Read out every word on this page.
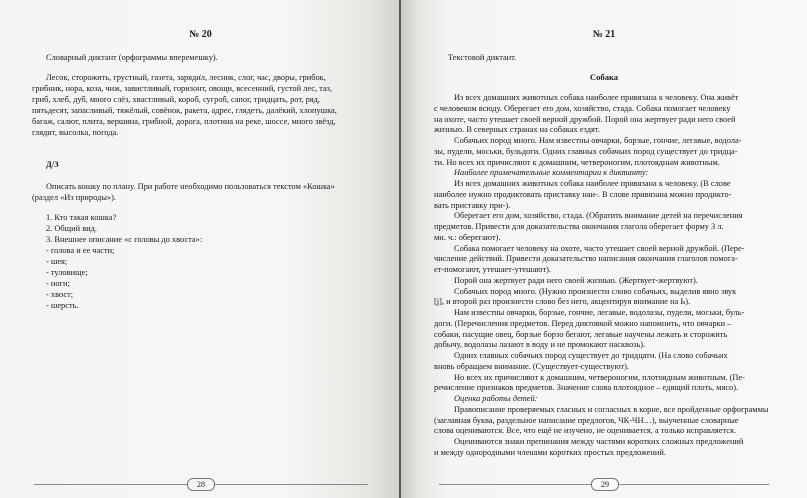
№ 20
Словарный диктант (орфограммы вперемешку).
Лесок, сторожить, грустный, газета, заряди̇л, лесник, слог, час, дворы, грибок,
грибник, нора, коза, чиж, завистливый, горизонт, овощи, всесенний, густой лес, таз,
гриб, хлеб, дуб, много слёз, хвастливый, короб, сугроб, сапог, тридцать, рот, ряд,
пятьдесят, запасливый, тяжёлый, совёнок, ракета, адрес, глядеть, далёкий, хлопушка,
багаж, салют, плита, вершина, грибной, дорога, плотина на реке, шоссе, много звёзд,
глядит, высолка, погода.
Д/З
Описать кошку по плану. При работе необходимо пользоваться текстом «Кошка»
(раздел «Из природы»).
1. Кто такая кошка?
2. Общий вид.
3. Внешнее описание «с головы до хвоста»:
- голова и ее части;
- шея;
- туловище;
- ноги;
- хвост;
- шерсть.
28
№ 21
Текстовой диктант.
Собака
Из всех домашних животных собака наиболее привязана к человеку. Она живёт
с человеком всюду. Оберегает его дом, хозяйство, стада. Собака помогает человеку
на охоте, часто утешает своей верной дружбой. Порой она жертвует ради него своей
жизнью. В северных странах на собаках ездят.
Собачьих пород много. Нам известны овчарки, борзые, гончие, легавые, водола-
зы, пудели, моськи, бульдоги. Одних главных собачьих пород существует до тридца-
ти. Но всех их причисляют к домашним, четвероногим, плотоядным животным.
Наиболее примечательные комментарии к диктанту:
Из всех домашних животных собака наиболее привязана к человеку. (В слове
наиболее нужно продиктовать приставку наи-. В слове привязана можно продикто-
вать приставку при-).
Оберегает его дом, хозяйство, стада. (Обратить внимание детей на перечисления
предметов. Привести для доказательства окончания глагола оберегает форму 3 л.
мн. ч.: оберегают).
Собака помогает человеку на охоте, часто утешает своей верной дружбой. (Пере-
числение действий. Привести доказательство написания окончания глаголов помога-
ет-помогают, утешает-утешают).
Порой она жертвует ради него своей жизнью. (Жертвует-жертвуют).
Собачьих пород много. (Нужно произнести слово собачьих, выделив явно звук
[j], и второй раз произнести слово без него, акцентируя внимание на Ь).
Нам известны овчарки, борзые, гончие, легавые, водолазы, пудели, моськи, буль-
доги. (Перечисления предметов. Перед диктовкой можно напомнить, что овчарки –
собаки, пасущие овец, борзые борзо бегают, легавые научены лежать и сторожить
добычу, водолазы лазают в воду и не промокают насквозь).
Одних главных собачьих пород существует до тридцати. (На слово собачьих
вновь обращаем внимание. (Существует-существуют).
Но всех их причисляют к домашним, четвероногим, плотоядным животным. (Пе-
речисление признаков предметов. Значение слова плотоядное – едящий плоть, мясо).
Оценка работы детей:
Правописание проверяемых гласных и согласных в корне, все пройденные орфограммы
(заглавная буква, раздельное написание предлогов, ЧК-ЧН…), выученные словарные
слова оцениваются. Все, что ещё не изучено, не оценивается, а только исправляется.
Оцениваются знаки препинания между частями коротких сложных предложений
и между однородными членами коротких простых предложений.
29
